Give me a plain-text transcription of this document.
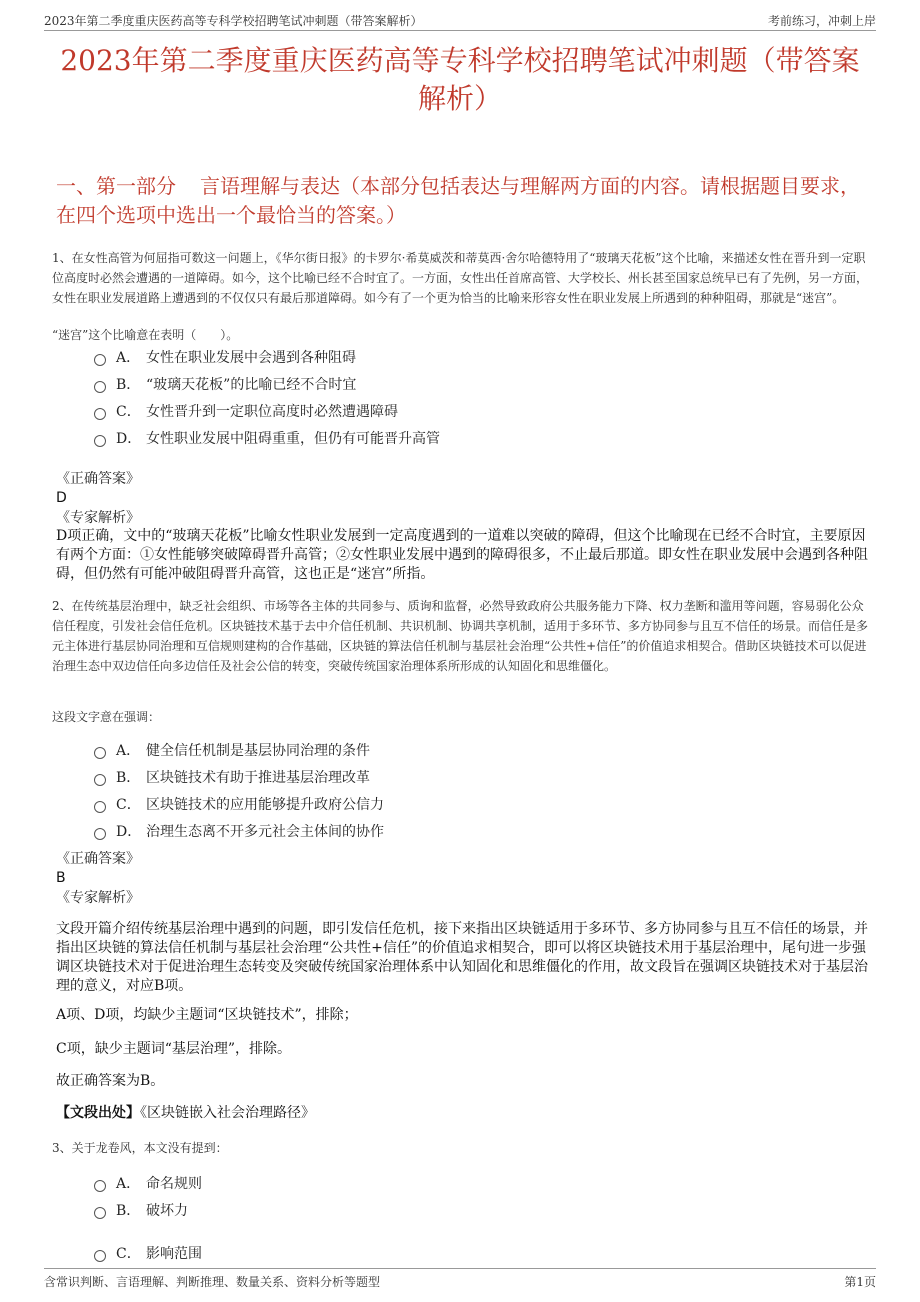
2023年第二季度重庆医药高等专科学校招聘笔试冲刺题（带答案解析）	考前练习，冲刺上岸
2023年第二季度重庆医药高等专科学校招聘笔试冲刺题（带答案解析）
一、第一部分 言语理解与表达（本部分包括表达与理解两方面的内容。请根据题目要求，在四个选项中选出一个最恰当的答案。）
1、在女性高管为何屈指可数这一问题上，《华尔街日报》的卡罗尔·希莫威茨和蒂莫西·舍尔哈德特用了“玻璃天花板”这个比喻，来描述女性在晋升到一定职位高度时必然会遭遇的一道障碍。如今，这个比喻已经不合时宜了。一方面，女性出任首席高管、大学校长、州长甚至国家总统早已有了先例，另一方面，女性在职业发展道路上遭遇到的不仅仅只有最后那道障碍。如今有了一个更为恰当的比喻来形容女性在职业发展上所遇到的种种阻碍，那就是“迷宫”。
“迷宫”这个比喻意在表明（　　）。
A． 女性在职业发展中会遇到各种阻碍
B． “玻璃天花板”的比喻已经不合时宜
C． 女性晋升到一定职位高度时必然遭遇障碍
D． 女性职业发展中阻碍重重，但仍有可能晋升高管
《正确答案》
D
《专家解析》
D项正确，文中的“玻璃天花板”比喻女性职业发展到一定高度遇到的一道难以突破的障碍，但这个比喻现在已经不合时宜，主要原因有两个方面：①女性能够突破障碍晋升高管；②女性职业发展中遇到的障碍很多，不止最后那道。即女性在职业发展中会遇到各种阻碍，但仍然有可能冲破阻碍晋升高管，这也正是“迷宫”所指。
2、在传统基层治理中，缺乏社会组织、市场等各主体的共同参与、质询和监督，必然导致政府公共服务能力下降、权力垄断和滥用等问题，容易弱化公众信任程度，引发社会信任危机。区块链技术基于去中介信任机制、共识机制、协调共享机制，适用于多环节、多方协同参与且互不信任的场景。而信任是多元主体进行基层协同治理和互信规则建构的合作基础，区块链的算法信任机制与基层社会治理“公共性+信任”的价值追求相契合。借助区块链技术可以促进治理生态中双边信任向多边信任及社会公信的转变，突破传统国家治理体系所形成的认知固化和思维僵化。
这段文字意在强调：
A． 健全信任机制是基层协同治理的条件
B． 区块链技术有助于推进基层治理改革
C． 区块链技术的应用能够提升政府公信力
D． 治理生态离不开多元社会主体间的协作
《正确答案》
B
《专家解析》
文段开篇介绍传统基层治理中遇到的问题，即引发信任危机，接下来指出区块链适用于多环节、多方协同参与且互不信任的场景，并指出区块链的算法信任机制与基层社会治理“公共性+信任”的价值追求相契合，即可以将区块链技术用于基层治理中，尾句进一步强调区块链技术对于促进治理生态转变及突破传统国家治理体系中认知固化和思维僵化的作用，故文段旨在强调区块链技术对于基层治理的意义，对应B项。
A项、D项，均缺少主题词“区块链技术”，排除；
C项，缺少主题词“基层治理”，排除。
故正确答案为B。
【文段出处】《区块链嵌入社会治理路径》
3、关于龙卷风，本文没有提到：
A． 命名规则
B． 破坏力
C． 影响范围
含常识判断、言语理解、判断推理、数量关系、资料分析等题型	第1页
